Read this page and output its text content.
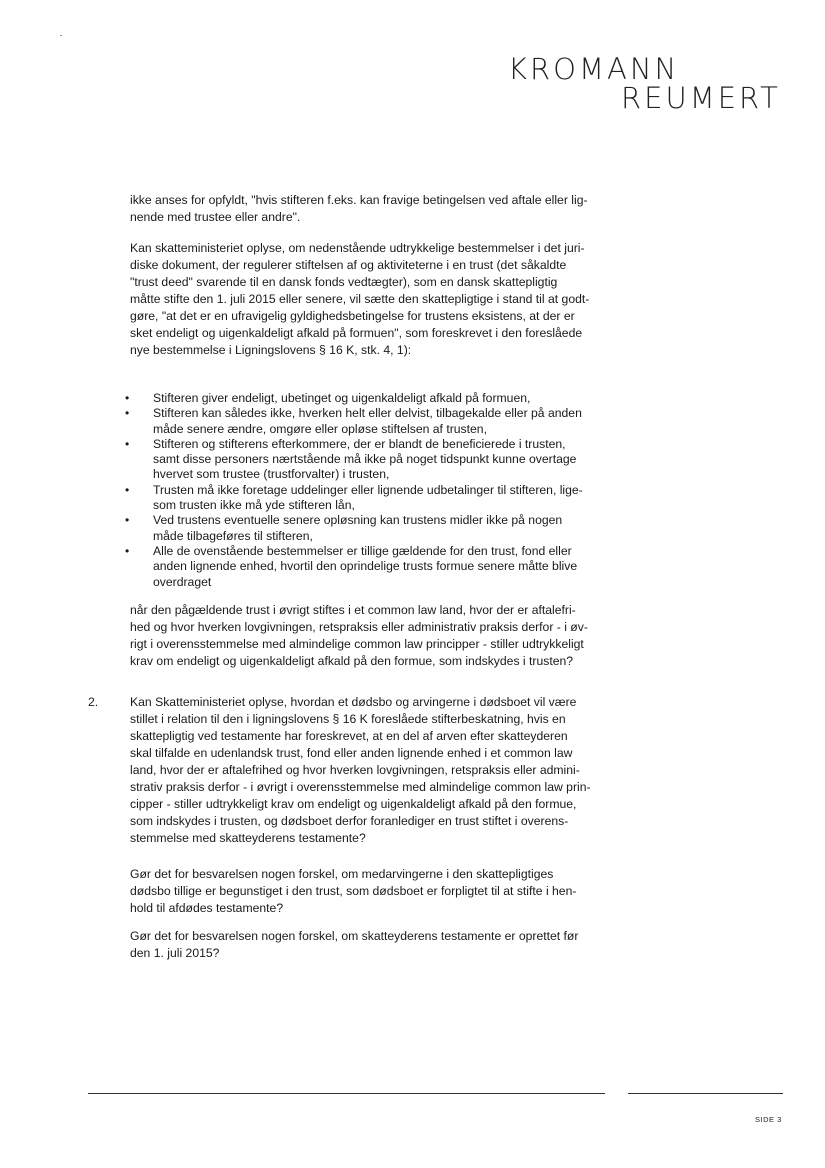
KROMANN
REUMERT

ikke anses for opfyldt, "hvis stifteren f.eks. kan fravige betingelsen ved aftale eller lig-
nende med trustee eller andre".

Kan skatteministeriet oplyse, om nedenstående udtrykkelige bestemmelser i det juri-
diske dokument, der regulerer stiftelsen af og aktiviteterne i en trust (det såkaldte
"trust deed" svarende til en dansk fonds vedtægter), som en dansk skattepligtig
måtte stifte den 1. juli 2015 eller senere, vil sætte den skattepligtige i stand til at godt-
gøre, "at det er en ufravigelig gyldighedsbetingelse for trustens eksistens, at der er
sket endeligt og uigenkaldeligt afkald på formuen", som foreskrevet i den foreslåede
nye bestemmelse i Ligningslovens § 16 K, stk. 4, 1):

• Stifteren giver endeligt, ubetinget og uigenkaldeligt afkald på formuen,
• Stifteren kan således ikke, hverken helt eller delvist, tilbagekalde eller på anden
måde senere ændre, omgøre eller opløse stiftelsen af trusten,
• Stifteren og stifterens efterkommere, der er blandt de beneficierede i trusten,
samt disse personers nærtstående må ikke på noget tidspunkt kunne overtage
hvervet som trustee (trustforvalter) i trusten,
• Trusten må ikke foretage uddelinger eller lignende udbetalinger til stifteren, lige-
som trusten ikke må yde stifteren lån,
• Ved trustens eventuelle senere opløsning kan trustens midler ikke på nogen
måde tilbageføres til stifteren,
• Alle de ovenstående bestemmelser er tillige gældende for den trust, fond eller
anden lignende enhed, hvortil den oprindelige trusts formue senere måtte blive
overdraget

når den pågældende trust i øvrigt stiftes i et common law land, hvor der er aftalefri-
hed og hvor hverken lovgivningen, retspraksis eller administrativ praksis derfor - i øv-
rigt i overensstemmelse med almindelige common law principper - stiller udtrykkeligt
krav om endeligt og uigenkaldeligt afkald på den formue, som indskydes i trusten?

2.	Kan Skatteministeriet oplyse, hvordan et dødsbo og arvingerne i dødsboet vil være
stillet i relation til den i ligningslovens § 16 K foreslåede stifterbeskatning, hvis en
skattepligtig ved testamente har foreskrevet, at en del af arven efter skatteyderen
skal tilfalde en udenlandsk trust, fond eller anden lignende enhed i et common law
land, hvor der er aftalefrihed og hvor hverken lovgivningen, retspraksis eller admini-
strativ praksis derfor - i øvrigt i overensstemmelse med almindelige common law prin-
cipper - stiller udtrykkeligt krav om endeligt og uigenkaldeligt afkald på den formue,
som indskydes i trusten, og dødsboet derfor foranlediger en trust stiftet i overens-
stemmelse med skatteyderens testamente?

Gør det for besvarelsen nogen forskel, om medarvingerne i den skattepligtiges
dødsbo tillige er begunstiget i den trust, som dødsboet er forpligtet til at stifte i hen-
hold til afdødes testamente?

Gør det for besvarelsen nogen forskel, om skatteyderens testamente er oprettet før
den 1. juli 2015?

SIDE 3
